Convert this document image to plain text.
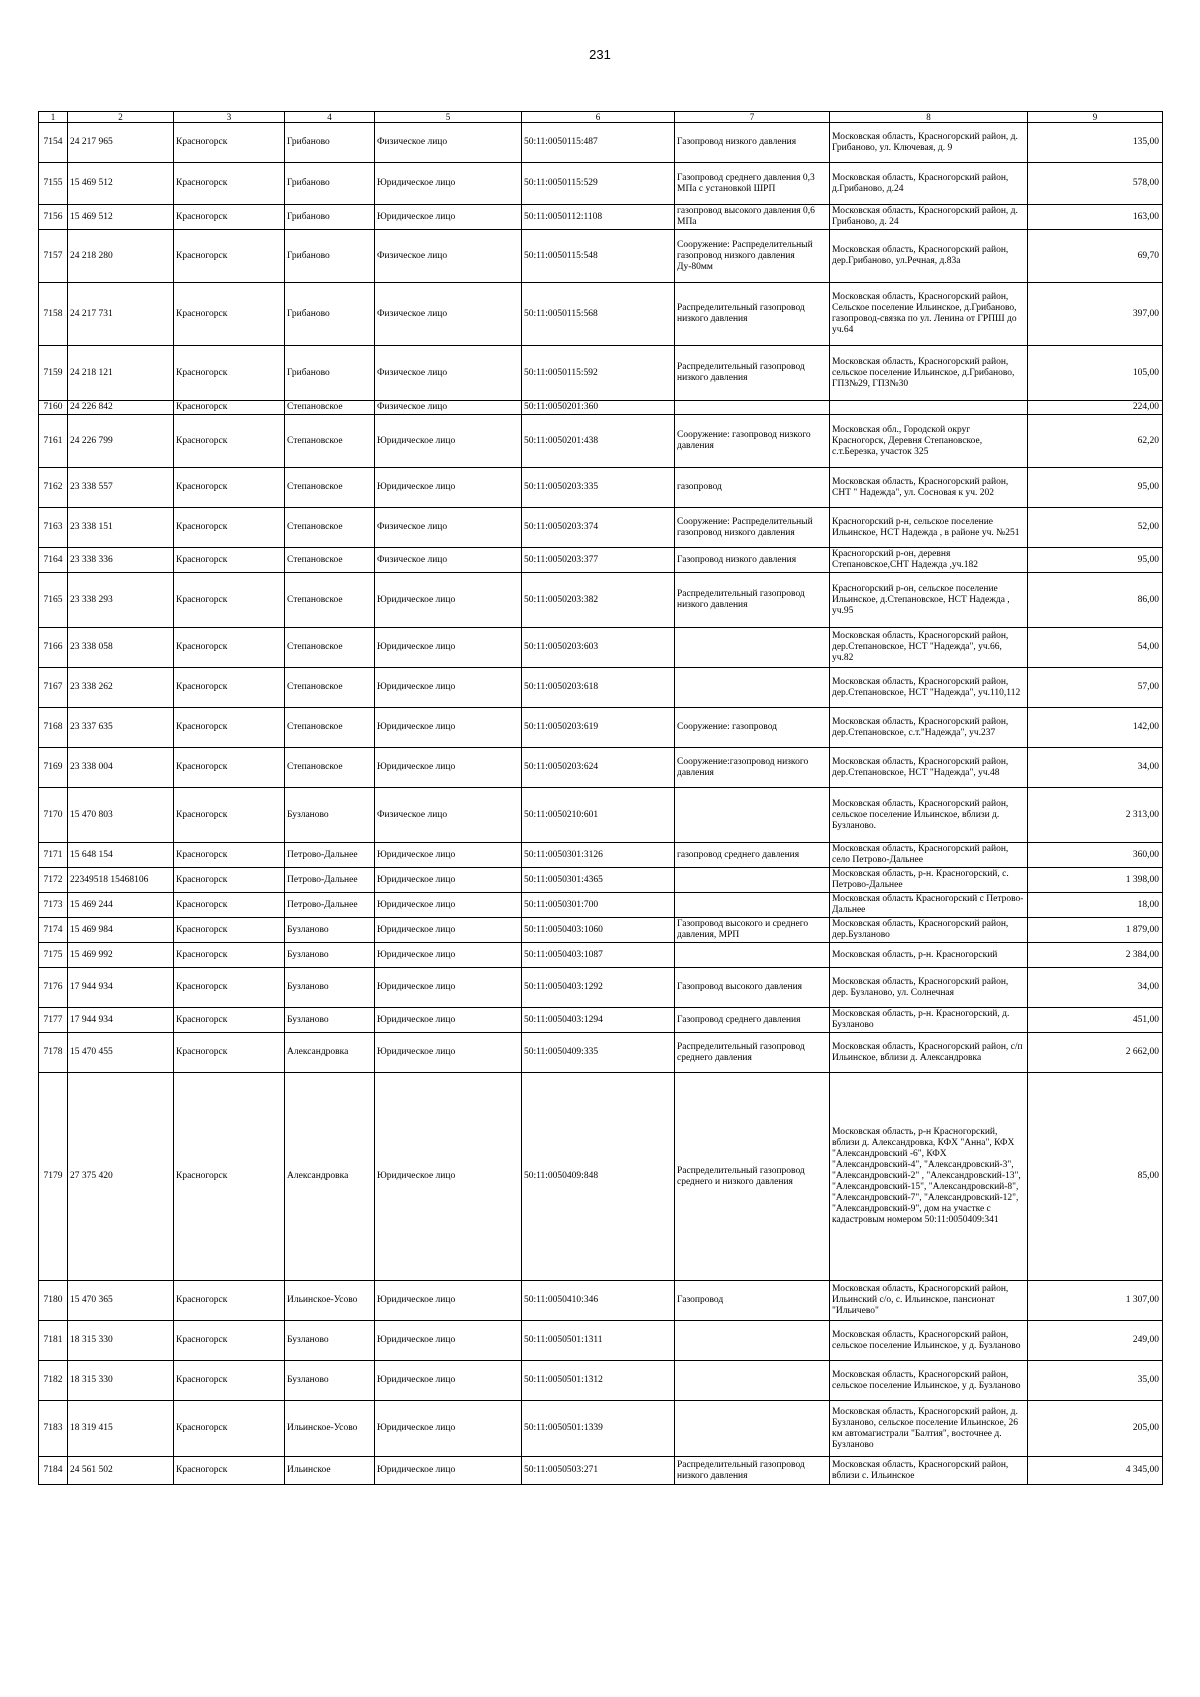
231
1	2	3	4	5	6	7	8	9
7154	24 217 965	Красногорск	Грибаново	Физическое лицо	50:11:0050115:487	Газопровод низкого давления	Московская область, Красногорский район, д. Грибаново, ул. Ключевая, д. 9	135,00
7155	15 469 512	Красногорск	Грибаново	Юридическое лицо	50:11:0050115:529	Газопровод среднего давления 0,3 МПа с установкой ШРП	Московская область, Красногорский район, д.Грибаново, д.24	578,00
7156	15 469 512	Красногорск	Грибаново	Юридическое лицо	50:11:0050112:1108	газопровод высокого давления 0,6 МПа	Московская область, Красногорский район, д. Грибаново, д. 24	163,00
7157	24 218 280	Красногорск	Грибаново	Физическое лицо	50:11:0050115:548	Сооружение: Распределительный газопровод низкого давления Ду-80мм	Московская область, Красногорский район, дер.Грибаново, ул.Речная, д.83а	69,70
7158	24 217 731	Красногорск	Грибаново	Физическое лицо	50:11:0050115:568	Распределительный газопровод низкого давления	Московская область, Красногорский район, Сельское поселение Ильинское, д.Грибаново, газопровод-связка по ул. Ленина от ГРПШ до уч.64	397,00
7159	24 218 121	Красногорск	Грибаново	Физическое лицо	50:11:0050115:592	Распределительный газопровод низкого давления	Московская область, Красногорский район, сельское поселение Ильинское, д.Грибаново, ГПЗ№29, ГПЗ№30	105,00
7160	24 226 842	Красногорск	Степановское	Физическое лицо	50:11:0050201:360			224,00
7161	24 226 799	Красногорск	Степановское	Юридическое лицо	50:11:0050201:438	Сооружение: газопровод низкого давления	Московская обл., Городской округ Красногорск, Деревня Степановское, с.т.Березка, участок 325	62,20
7162	23 338 557	Красногорск	Степановское	Юридическое лицо	50:11:0050203:335	газопровод	Московская область, Красногорский район, СНТ " Надежда", ул. Сосновая к уч. 202	95,00
7163	23 338 151	Красногорск	Степановское	Физическое лицо	50:11:0050203:374	Сооружение: Распределительный газопровод низкого давления	Красногорский р-н, сельское поселение Ильинское, НСТ Надежда , в районе уч. №251	52,00
7164	23 338 336	Красногорск	Степановское	Физическое лицо	50:11:0050203:377	Газопровод низкого давления	Красногорский р-он, деревня Степановское,СНТ Надежда ,уч.182	95,00
7165	23 338 293	Красногорск	Степановское	Юридическое лицо	50:11:0050203:382	Распределительный газопровод низкого давления	Красногорский р-он, сельское поселение Ильинское, д.Степановское, НСТ Надежда , уч.95	86,00
7166	23 338 058	Красногорск	Степановское	Юридическое лицо	50:11:0050203:603		Московская область, Красногорский район, дер.Степановское, НСТ "Надежда", уч.66, уч.82	54,00
7167	23 338 262	Красногорск	Степановское	Юридическое лицо	50:11:0050203:618		Московская область, Красногорский район, дер.Степановское, НСТ "Надежда", уч.110,112	57,00
7168	23 337 635	Красногорск	Степановское	Юридическое лицо	50:11:0050203:619	Сооружение: газопровод	Московская область, Красногорский район, дер.Степановское, с.т."Надежда", уч.237	142,00
7169	23 338 004	Красногорск	Степановское	Юридическое лицо	50:11:0050203:624	Сооружение:газопровод низкого давления	Московская область, Красногорский район, дер.Степановское, НСТ "Надежда", уч.48	34,00
7170	15 470 803	Красногорск	Бузланово	Физическое лицо	50:11:0050210:601		Московская область, Красногорский район, сельское поселение Ильинское, вблизи д. Бузланово.	2 313,00
7171	15 648 154	Красногорск	Петрово-Дальнее	Юридическое лицо	50:11:0050301:3126	газопровод среднего давления	Московская область, Красногорский район, село Петрово-Дальнее	360,00
7172	22349518 15468106	Красногорск	Петрово-Дальнее	Юридическое лицо	50:11:0050301:4365		Московская область, р-н. Красногорский, с. Петрово-Дальнее	1 398,00
7173	15 469 244	Красногорск	Петрово-Дальнее	Юридическое лицо	50:11:0050301:700		Московская область Красногорский с Петрово-Дальнее	18,00
7174	15 469 984	Красногорск	Бузланово	Юридическое лицо	50:11:0050403:1060	Газопровод высокого и среднего давления, МРП	Московская область, Красногорский район, дер.Бузланово	1 879,00
7175	15 469 992	Красногорск	Бузланово	Юридическое лицо	50:11:0050403:1087		Московская область, р-н. Красногорский	2 384,00
7176	17 944 934	Красногорск	Бузланово	Юридическое лицо	50:11:0050403:1292	Газопровод высокого давления	Московская область, Красногорский район, дер. Бузланово, ул. Солнечная	34,00
7177	17 944 934	Красногорск	Бузланово	Юридическое лицо	50:11:0050403:1294	Газопровод среднего давления	Московская область, р-н. Красногорский, д. Бузланово	451,00
7178	15 470 455	Красногорск	Александровка	Юридическое лицо	50:11:0050409:335	Распределительный газопровод среднего давления	Московская область, Красногорский район, с/п Ильинское, вблизи д. Александровка	2 662,00
7179	27 375 420	Красногорск	Александровка	Юридическое лицо	50:11:0050409:848	Распределительный газопровод среднего и низкого давления	Московская область, р-н Красногорский, вблизи д. Александровка, КФХ "Анна", КФХ "Александровский -6", КФХ "Александровский-4", "Александровский-3", "Александровский-2" , "Александровский-13", "Александровский-15", "Александровский-8", "Александровский-7", "Александровский-12", "Александровский-9", дом на участке с кадастровым номером 50:11:0050409:341	85,00
7180	15 470 365	Красногорск	Ильинское-Усово	Юридическое лицо	50:11:0050410:346	Газопровод	Московская область, Красногорский район, Ильинский с/о, с. Ильинское, пансионат "Ильичево"	1 307,00
7181	18 315 330	Красногорск	Бузланово	Юридическое лицо	50:11:0050501:1311		Московская область, Красногорский район, сельское поселение Ильинское, у д. Бузланово	249,00
7182	18 315 330	Красногорск	Бузланово	Юридическое лицо	50:11:0050501:1312		Московская область, Красногорский район, сельское поселение Ильинское, у д. Бузланово	35,00
7183	18 319 415	Красногорск	Ильинское-Усово	Юридическое лицо	50:11:0050501:1339		Московская область, Красногорский район, д. Бузланово, сельское поселение Ильинское, 26 км автомагистрали "Балтия", восточнее д. Бузланово	205,00
7184	24 561 502	Красногорск	Ильинское	Юридическое лицо	50:11:0050503:271	Распределительный газопровод низкого давления	Московская область, Красногорский район, вблизи с. Ильинское	4 345,00
